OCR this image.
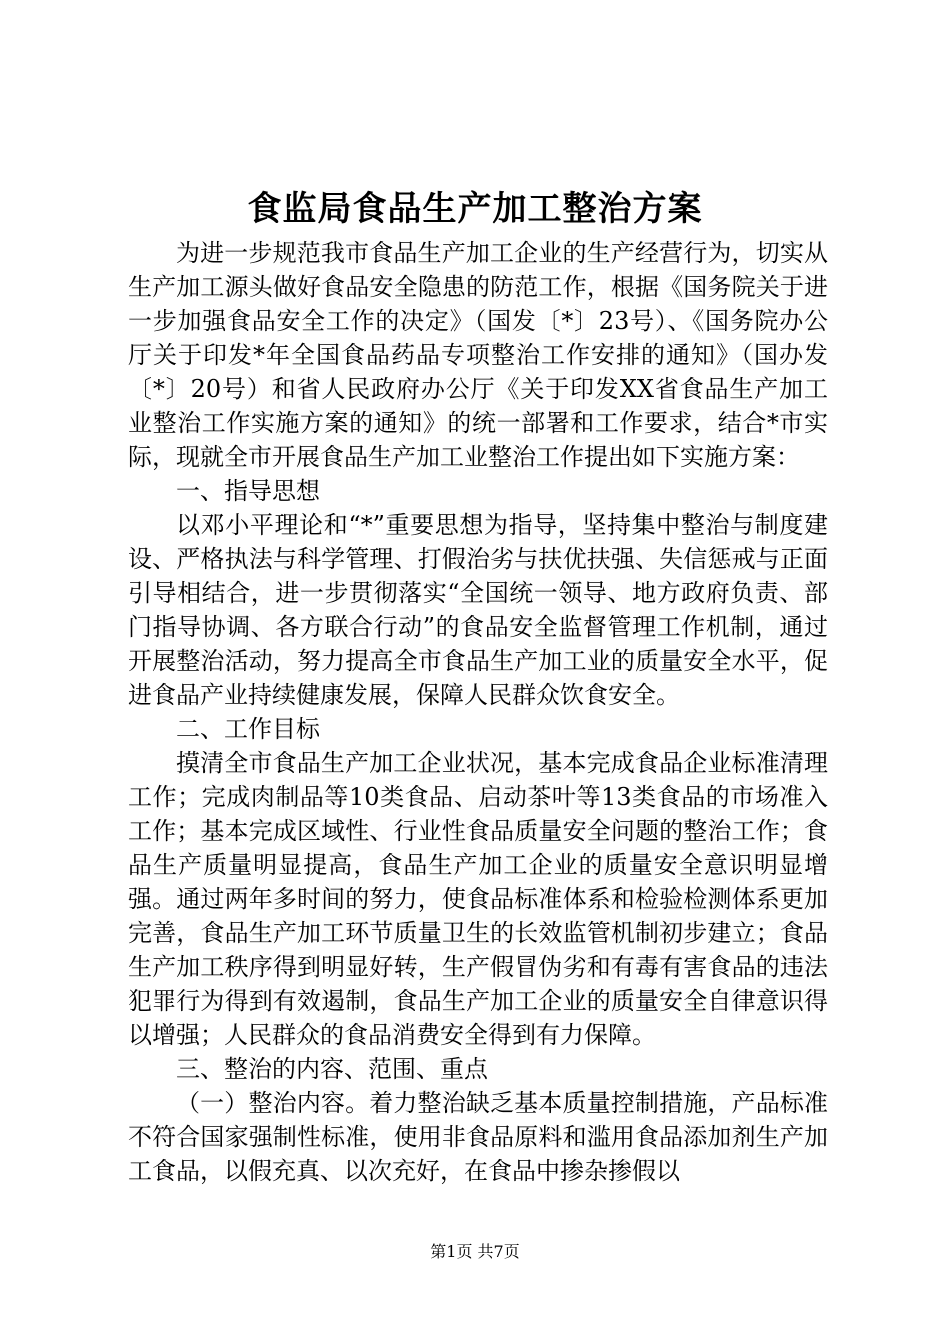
食监局食品生产加工整治方案

为进一步规范我市食品生产加工企业的生产经营行为，切实从生产加工源头做好食品安全隐患的防范工作，根据《国务院关于进一步加强食品安全工作的决定》（国发〔*〕23号）、《国务院办公厅关于印发*年全国食品药品专项整治工作安排的通知》（国办发〔*〕20号）和省人民政府办公厅《关于印发XX省食品生产加工业整治工作实施方案的通知》的统一部署和工作要求，结合*市实际，现就全市开展食品生产加工业整治工作提出如下实施方案：

一、指导思想

以邓小平理论和“*”重要思想为指导，坚持集中整治与制度建设、严格执法与科学管理、打假治劣与扶优扶强、失信惩戒与正面引导相结合，进一步贯彻落实“全国统一领导、地方政府负责、部门指导协调、各方联合行动”的食品安全监督管理工作机制，通过开展整治活动，努力提高全市食品生产加工业的质量安全水平，促进食品产业持续健康发展，保障人民群众饮食安全。

二、工作目标

摸清全市食品生产加工企业状况，基本完成食品企业标准清理工作；完成肉制品等10类食品、启动茶叶等13类食品的市场准入工作；基本完成区域性、行业性食品质量安全问题的整治工作；食品生产质量明显提高，食品生产加工企业的质量安全意识明显增强。通过两年多时间的努力，使食品标准体系和检验检测体系更加完善，食品生产加工环节质量卫生的长效监管机制初步建立；食品生产加工秩序得到明显好转，生产假冒伪劣和有毒有害食品的违法犯罪行为得到有效遏制，食品生产加工企业的质量安全自律意识得以增强；人民群众的食品消费安全得到有力保障。

三、整治的内容、范围、重点

（一）整治内容。着力整治缺乏基本质量控制措施，产品标准不符合国家强制性标准，使用非食品原料和滥用食品添加剂生产加工食品，以假充真、以次充好，在食品中掺杂掺假以

第1页 共7页
